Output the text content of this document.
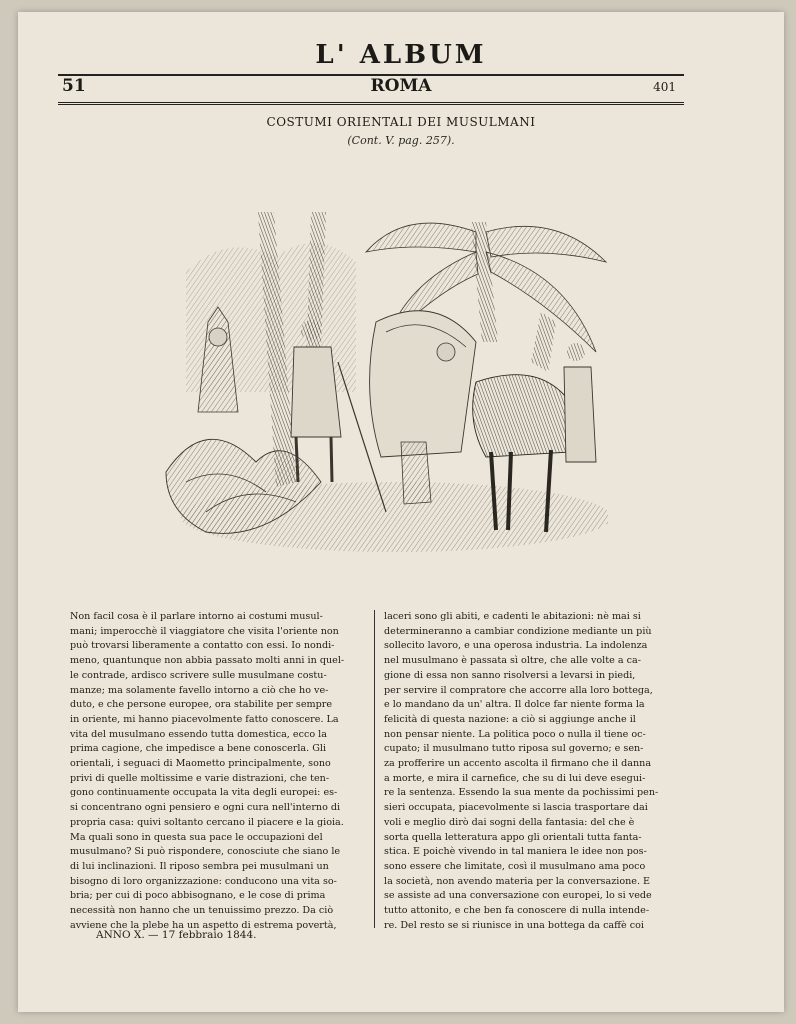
L' ALBUM
51	ROMA	401
COSTUMI ORIENTALI DEI MUSULMANI
(Cont. V. pag. 257).
Non facil cosa è il parlare intorno ai costumi musul-
mani; imperocchè il viaggiatore che visita l'oriente non
può trovarsi liberamente a contatto con essi. Io nondi-
meno, quantunque non abbia passato molti anni in quel-
le contrade, ardisco scrivere sulle musulmane costu-
manze; ma solamente favello intorno a ciò che ho ve-
duto, e che persone europee, ora stabilite per sempre
in oriente, mi hanno piacevolmente fatto conoscere. La
vita del musulmano essendo tutta domestica, ecco la
prima cagione, che impedisce a bene conoscerla. Gli
orientali, i seguaci di Maometto principalmente, sono
privi di quelle moltissime e varie distrazioni, che ten-
gono continuamente occupata la vita degli europei: es-
si concentrano ogni pensiero e ogni cura nell'interno di
propria casa: quivi soltanto cercano il piacere e la gioia.
Ma quali sono in questa sua pace le occupazioni del
musulmano? Si può rispondere, conosciute che siano le
di lui inclinazioni. Il riposo sembra pei musulmani un
bisogno di loro organizzazione: conducono una vita so-
bria; per cui di poco abbisognano, e le cose di prima
necessità non hanno che un tenuissimo prezzo. Da ciò
avviene che la plebe ha un aspetto di estrema povertà,
laceri sono gli abiti, e cadenti le abitazioni: nè mai si
determineranno a cambiar condizione mediante un più
sollecito lavoro, e una operosa industria. La indolenza
nel musulmano è passata sì oltre, che alle volte a ca-
gione di essa non sanno risolversi a levarsi in piedi,
per servire il compratore che accorre alla loro bottega,
e lo mandano da un' altra. Il dolce far niente forma la
felicità di questa nazione: a ciò si aggiunge anche il
non pensar niente. La politica poco o nulla il tiene oc-
cupato; il musulmano tutto riposa sul governo; e sen-
za profferire un accento ascolta il firmano che il danna
a morte, e mira il carnefice, che su di lui deve esegui-
re la sentenza. Essendo la sua mente da pochissimi pen-
sieri occupata, piacevolmente si lascia trasportare dai
voli e meglio dirò dai sogni della fantasia: del che è
sorta quella letteratura appo gli orientali tutta fanta-
stica. E poichè vivendo in tal maniera le idee non pos-
sono essere che limitate, così il musulmano ama poco
la società, non avendo materia per la conversazione. E
se assiste ad una conversazione con europei, lo si vede
tutto attonito, e che ben fa conoscere di nulla intende-
re. Del resto se si riunisce in una bottega da caffè coi
ANNO X. — 17 febbraio 1844.
